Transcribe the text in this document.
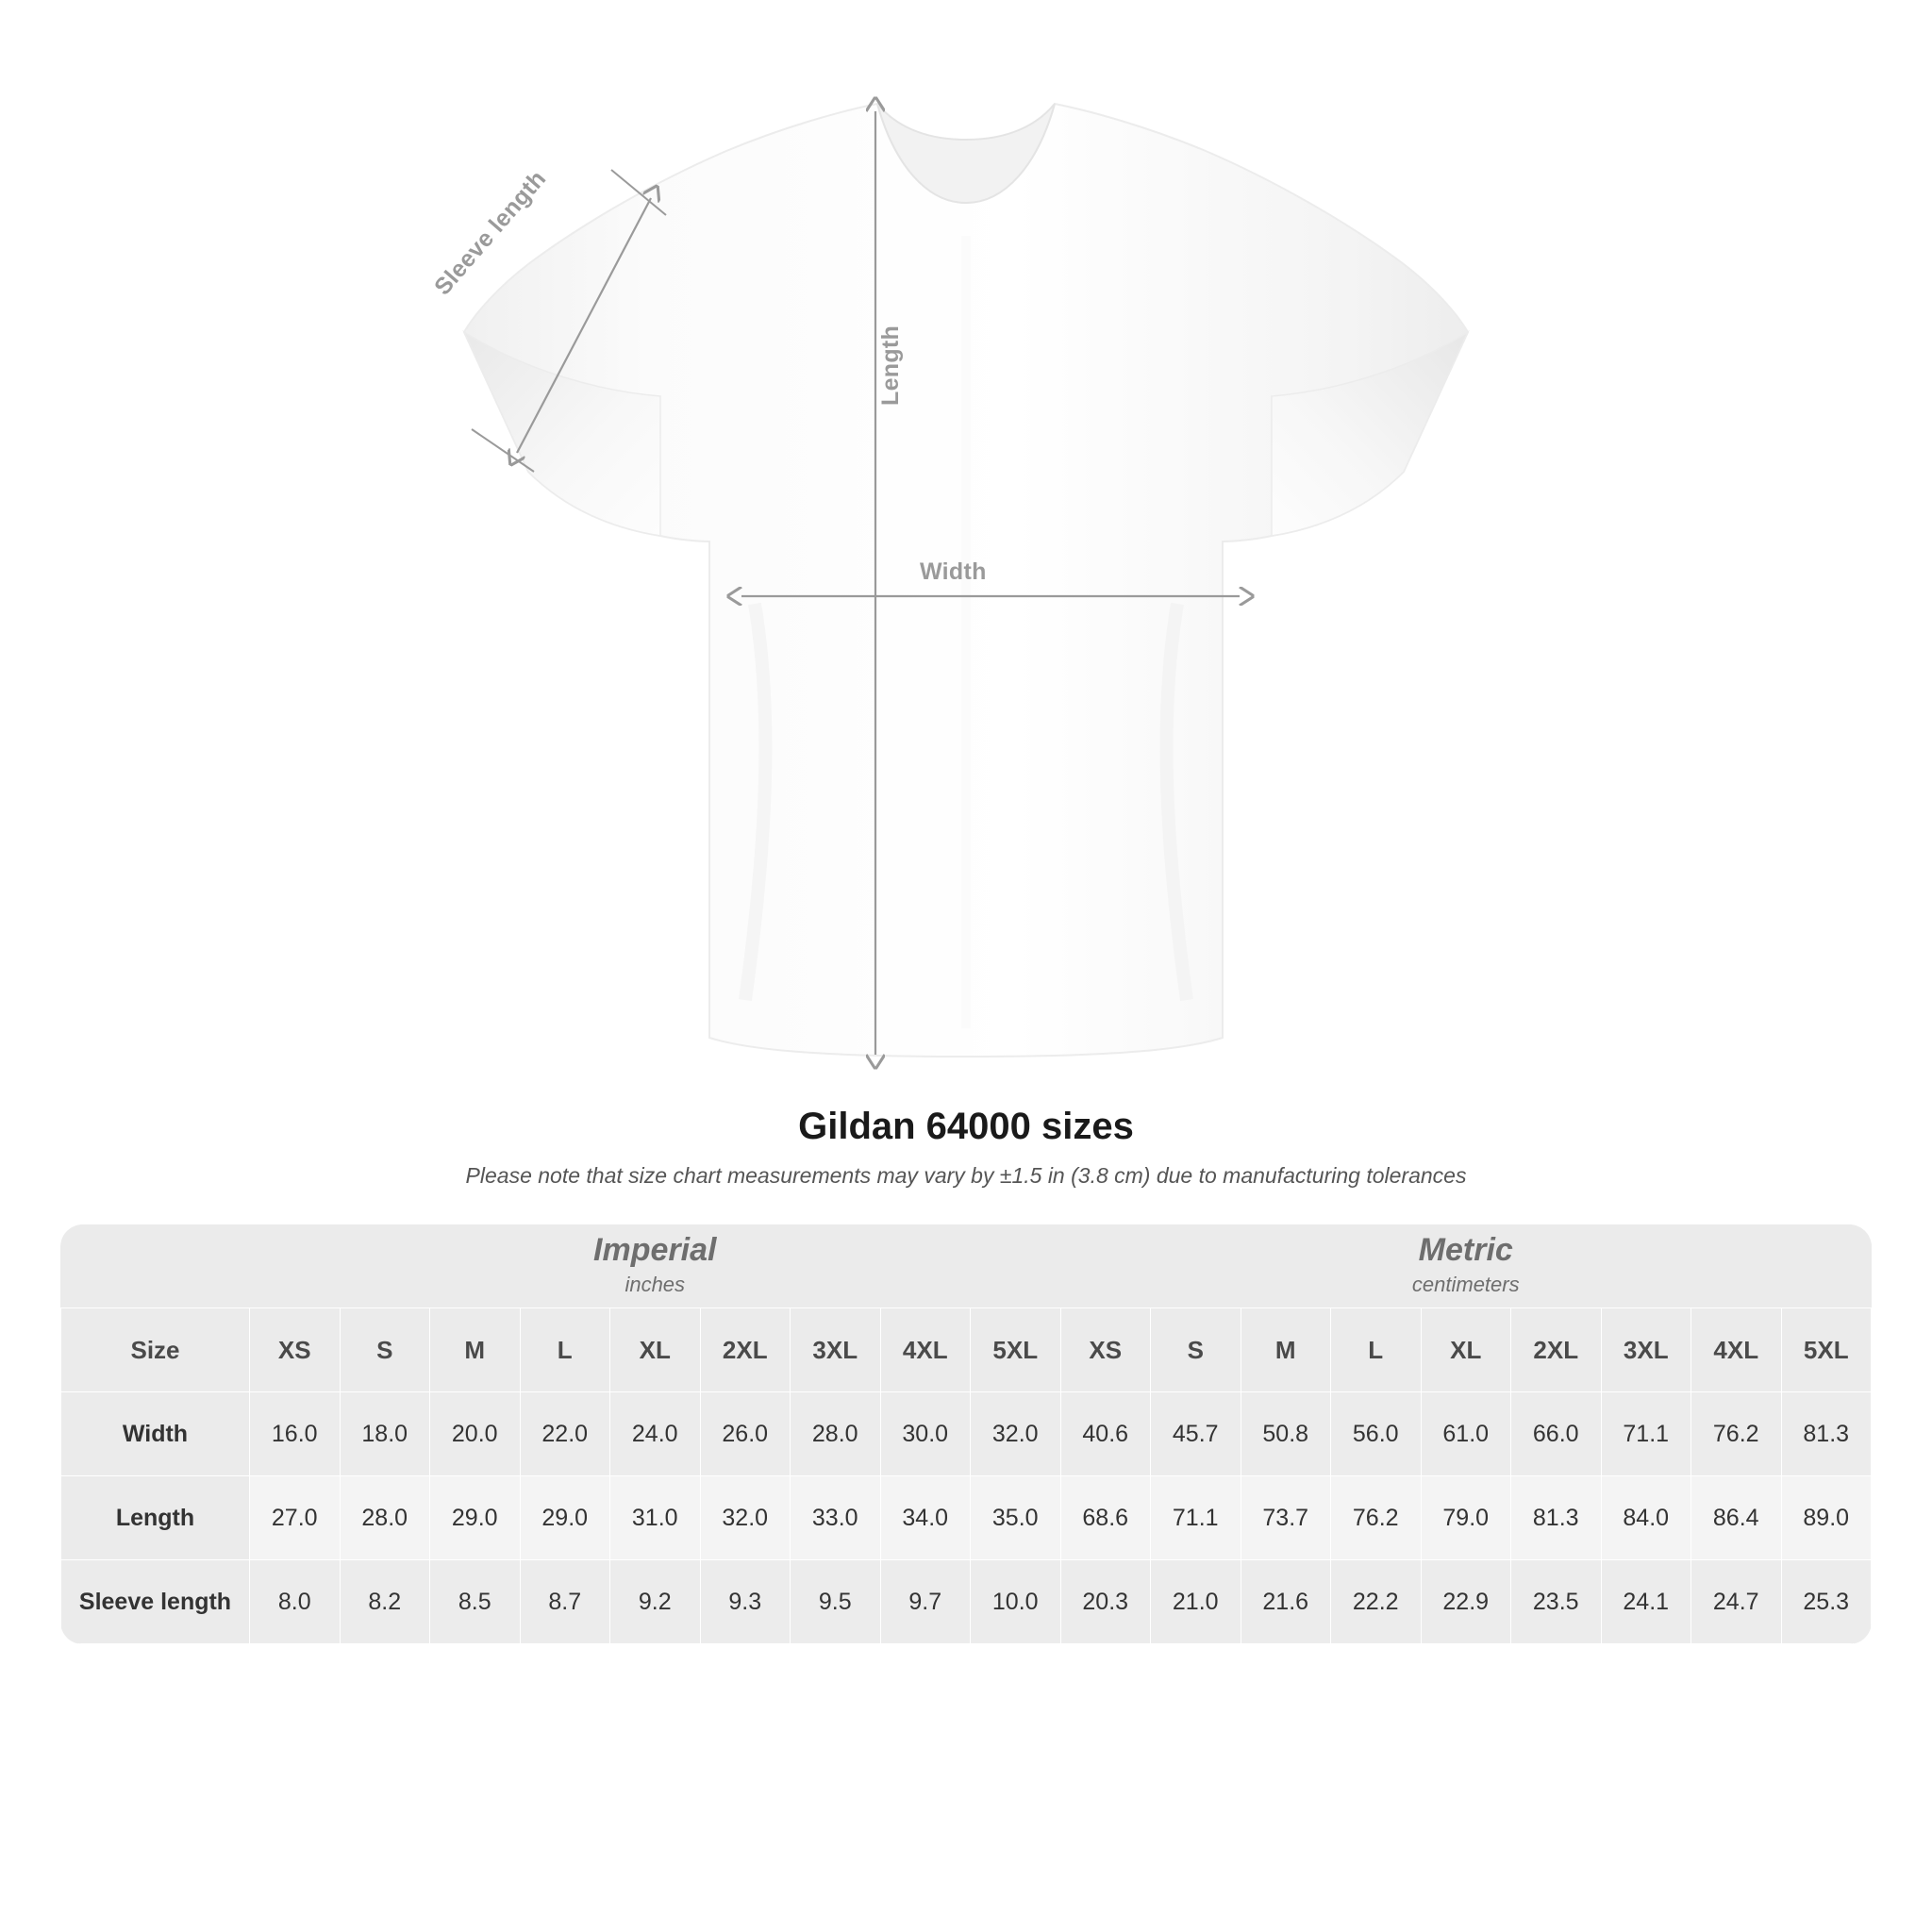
Sleeve length
Length
Width
Gildan 64000 sizes

Please note that size chart measurements may vary by ±1.5 in (3.8 cm) due to manufacturing tolerances

	Imperial
inches									Metric
centimeters								

Size	XS	S	M	L	XL	2XL	3XL	4XL	5XL	XS	S	M	L	XL	2XL	3XL	4XL	5XL
Width	16.0	18.0	20.0	22.0	24.0	26.0	28.0	30.0	32.0	40.6	45.7	50.8	56.0	61.0	66.0	71.1	76.2	81.3
Length	27.0	28.0	29.0	29.0	31.0	32.0	33.0	34.0	35.0	68.6	71.1	73.7	76.2	79.0	81.3	84.0	86.4	89.0
Sleeve length	8.0	8.2	8.5	8.7	9.2	9.3	9.5	9.7	10.0	20.3	21.0	21.6	22.2	22.9	23.5	24.1	24.7	25.3
